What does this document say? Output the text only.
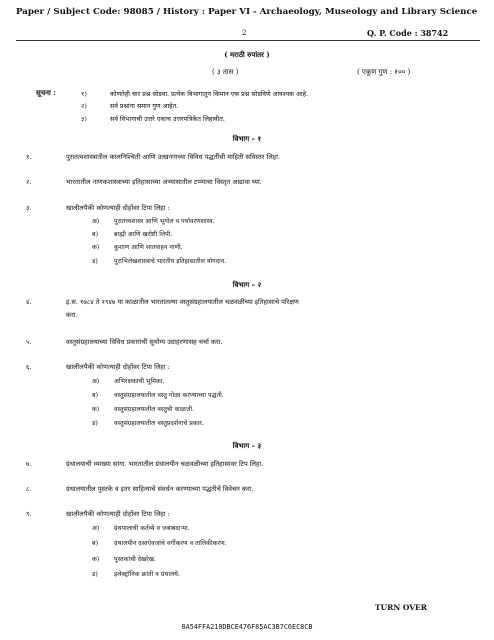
Paper / Subject Code: 98085 / History : Paper VI - Archaeology, Museology and Library Science
2	Q. P. Code : 38742
( मराठी रुपांतर )
( ३ तास )	( एकूण गुण : १०० )
सूचना :	१)	कोणतेही चार प्रश्न सोडवा. प्रत्येक विभागातून किमान एक प्रश्न सोडविणे आवश्यक आहे.
२)	सर्व प्रश्नांना समान गुण आहेत.
३)	सर्व विभागाची उत्तरे एकाच उत्तरपत्रिकेत लिहावीत.
विभाग – १
१.	पुरातत्वशास्त्रातील कालनिश्चिती आणि उत्खननाच्या विविध पद्धतींची माहिती सविस्तर लिहा.
२.	भारतातील नाणकशास्त्राच्या इतिहासाच्या अभ्यासातील टप्प्याचा विस्तृत आढावा घ्या.
३.	खालीलपैकी कोणत्याही दोहोंवर टिपा लिहा :
अ) पुरातत्त्वशास्त्र आणि भूगोल व पर्यावरणशास्त्र.
ब)	ब्राह्मी आणि खरोष्टी लिपी.
क) कुशाण आणि सातवाहन नाणी.
ड)	पुराभिलेखशास्त्राचे भारतीय इतिहासातील योगदान.
विभाग – २
४.	इ.स. १७८४ ते १९४७ या काळातील भारतातल्या वस्तुसंग्रहालयातील चळवळीच्या इतिहासाचे परिक्षण
करा.
५.	वस्तुसंग्रहालयाच्या विविध प्रकारांची सुयोग्य उदाहरणासह चर्चा करा.
६.	खालीलपैकी कोणत्याही दोहोंवर टिपा लिहा :
अ) अभिरक्षकाची भूमिका.
ब)	वस्तुसंग्रहालयातील वस्तु गोळा करण्याच्या पद्धती.
क) वस्तुसंग्रहालयातील वस्तुची काळजी.
ड)	वस्तुसंग्रहालयातील वस्तुप्रदर्शनाचे प्रकार.
विभाग – ३
७.	ग्रंथालयाची व्याख्या सांगा. भारतातील ग्रंथालयीन चळवळीच्या इतिहासावर टिप लिहा.
८.	ग्रंथालयातील पुस्तके व इतर साहित्याचे संवर्धन करण्याच्या पद्धतीचे विवेचन करा.
९.	खालीलपैकी कोणत्याही दोहोंवर टिपा लिहा :
अ) ग्रंथपालाची कर्तव्ये व जबाबदाऱ्या.
ब)	ग्रंथालयीन दस्तऐवजांचे वर्गीकरण व तालिकीकरण.
क) पुस्तकांची देखरेख.
ड)	इलेक्ट्रॉनिक क्रांती व ग्रंथालये.
TURN OVER
0A54FFA210DBCE476F85AC3B7C6EC8CB
